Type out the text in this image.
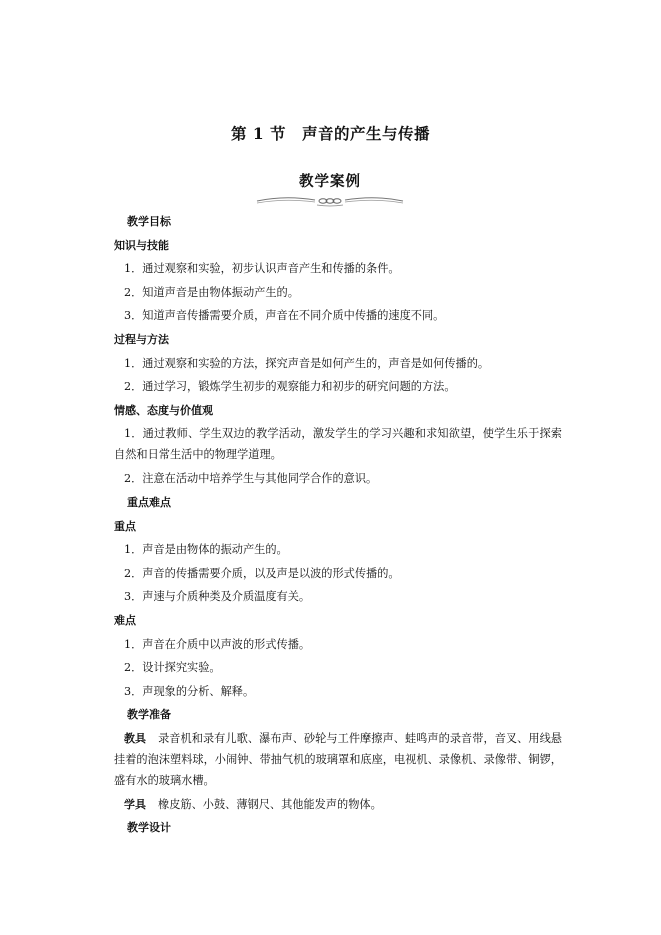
第 1 节 声音的产生与传播
教学案例
教学目标
知识与技能
1．通过观察和实验，初步认识声音产生和传播的条件。
2．知道声音是由物体振动产生的。
3．知道声音传播需要介质，声音在不同介质中传播的速度不同。
过程与方法
1．通过观察和实验的方法，探究声音是如何产生的，声音是如何传播的。
2．通过学习，锻炼学生初步的观察能力和初步的研究问题的方法。
情感、态度与价值观
1．通过教师、学生双边的教学活动，激发学生的学习兴趣和求知欲望，使学生乐于探索自然和日常生活中的物理学道理。
2．注意在活动中培养学生与其他同学合作的意识。
重点难点
重点
1．声音是由物体的振动产生的。
2．声音的传播需要介质，以及声是以波的形式传播的。
3．声速与介质种类及介质温度有关。
难点
1．声音在介质中以声波的形式传播。
2．设计探究实验。
3．声现象的分析、解释。
教学准备
教具 录音机和录有儿歌、瀑布声、砂轮与工件摩擦声、蛙鸣声的录音带，音叉、用线悬挂着的泡沫塑料球，小闹钟、带抽气机的玻璃罩和底座，电视机、录像机、录像带、铜锣，盛有水的玻璃水槽。
学具 橡皮筋、小鼓、薄钢尺、其他能发声的物体。
教学设计
